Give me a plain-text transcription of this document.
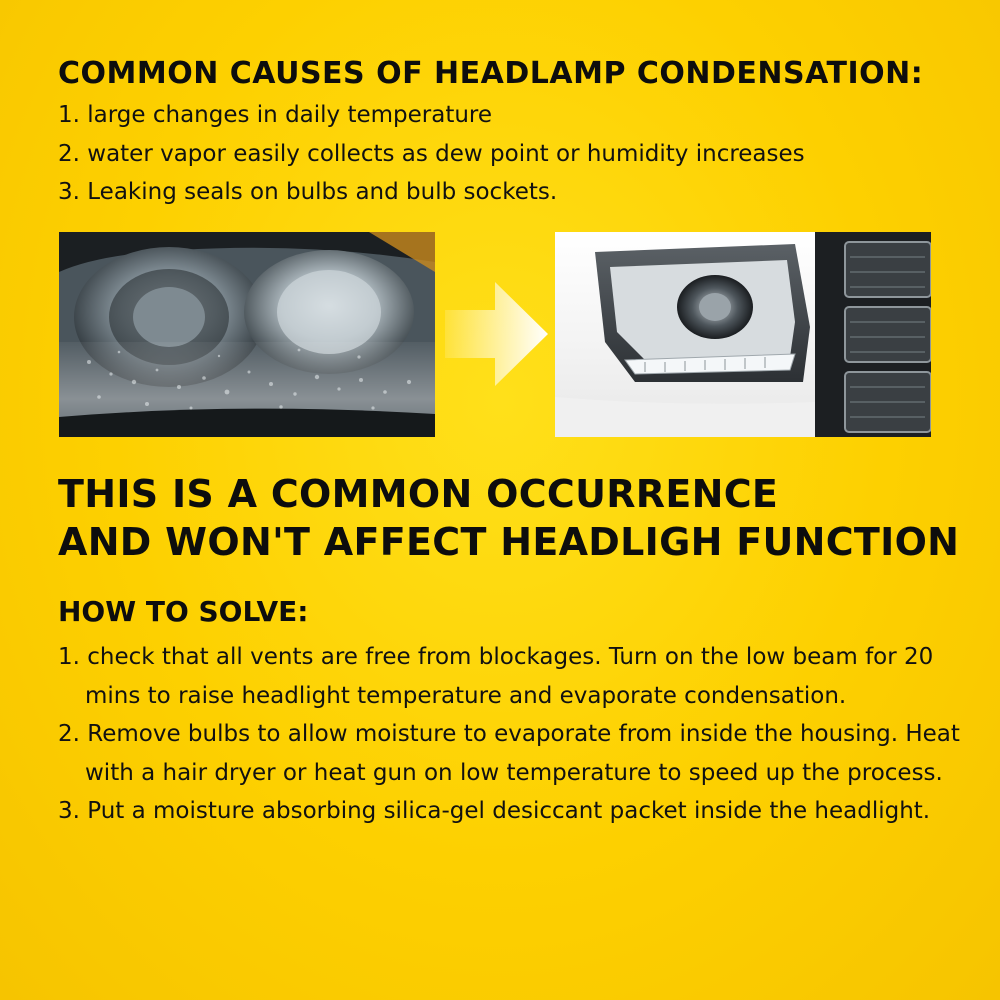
COMMON CAUSES OF HEADLAMP CONDENSATION:
1. large changes in daily temperature
2. water vapor easily collects as dew point or humidity increases
3. Leaking seals on bulbs and bulb sockets.
THIS IS A COMMON OCCURRENCE
AND WON'T AFFECT HEADLIGH FUNCTION
HOW TO SOLVE:
1. check that all vents are free from blockages. Turn on the low beam for 20 mins to raise headlight temperature and evaporate condensation.
2. Remove bulbs to allow moisture to evaporate from inside the housing. Heat with a hair dryer or heat gun on low temperature to speed up the process.
3. Put a moisture absorbing silica-gel desiccant packet inside the headlight.
